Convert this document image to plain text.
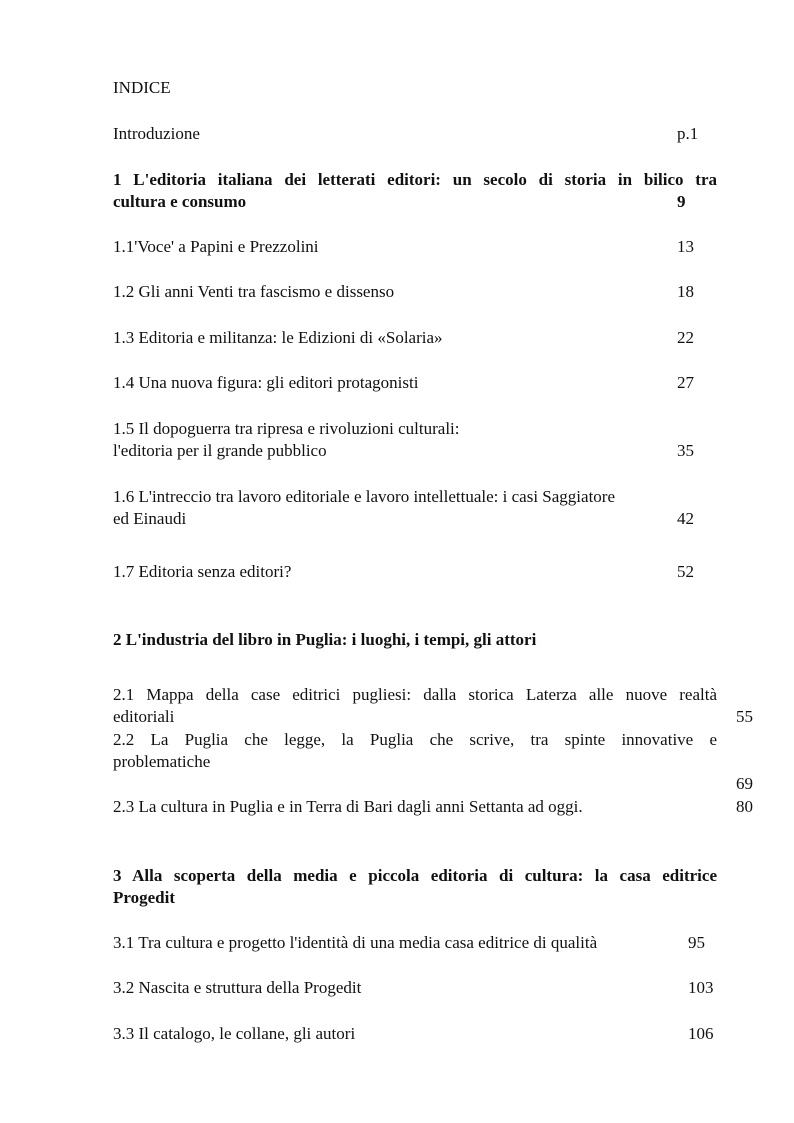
INDICE
Introduzione	p.1
1 L'editoria italiana dei letterati editori: un secolo di storia in bilico tra
cultura e consumo	9
1.1'Voce' a Papini e Prezzolini	13
1.2 Gli anni Venti tra fascismo e dissenso	18
1.3 Editoria e militanza: le Edizioni di «Solaria»	22
1.4 Una nuova figura: gli editori protagonisti	27
1.5 Il dopoguerra tra ripresa e rivoluzioni culturali:
l'editoria per il grande pubblico	35
1.6 L'intreccio tra lavoro editoriale e lavoro intellettuale: i casi Saggiatore
ed Einaudi	42
1.7 Editoria senza editori?	52
2 L'industria del libro in Puglia: i luoghi, i tempi, gli attori
2.1 Mappa della case editrici pugliesi: dalla storica Laterza alle nuove realtà
editoriali	55
2.2 La Puglia che legge, la Puglia che scrive, tra spinte innovative e
problematiche
69
2.3 La cultura in Puglia e in Terra di Bari dagli anni Settanta ad oggi.	80
3 Alla scoperta della media e piccola editoria di cultura: la casa editrice
Progedit
3.1 Tra cultura e progetto l'identità di una media casa editrice di qualità	95
3.2 Nascita e struttura della Progedit	103
3.3 Il catalogo, le collane, gli autori	106
